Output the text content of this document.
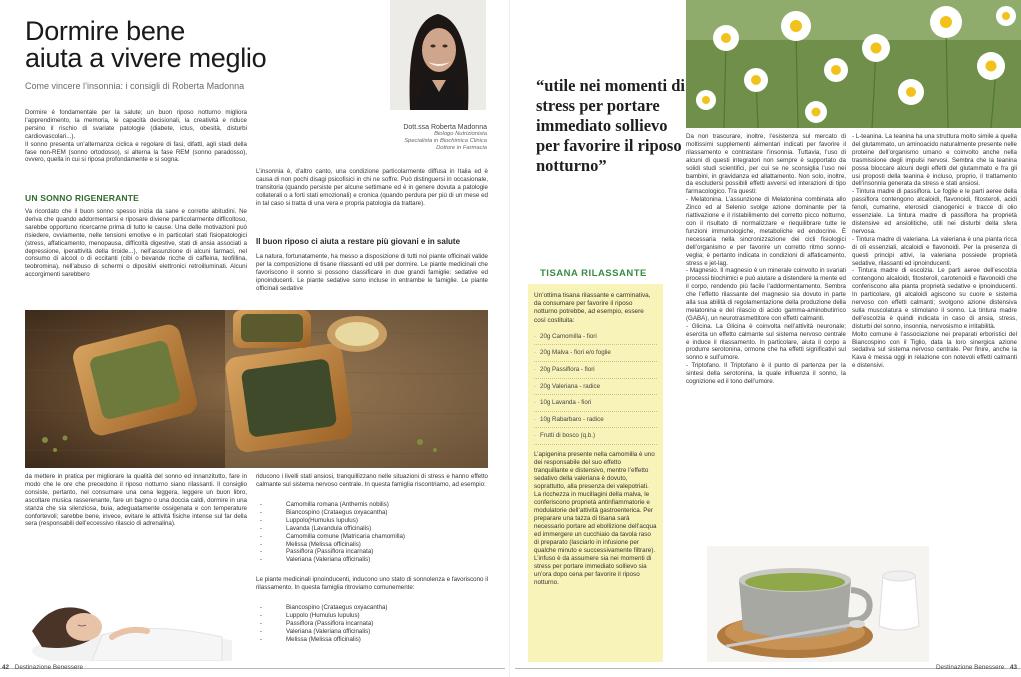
Dormire bene
aiuta a vivere meglio
Come vincere l’insonnia: i consigli di Roberta Madonna
Dott.ssa Roberta Madonna
Biologo Nutrizionista
Specialista in Biochimica Clinica
Dottore in Farmacia

Dormire è fondamentale per la salute; un buon riposo notturno migliora l’apprendimento, la memoria, le capacità decisionali, la creatività e riduce persino il rischio di svariate patologie (diabete, ictus, obesità, disturbi cardiovascolari...).

Il sonno presenta un’alternanza ciclica e regolare di fasi, difatti, agli stadi della fase non-REM (sonno ortodosso), si alterna la fase REM (sonno paradosso), ovvero, quella in cui si riposa profondamente e si sogna.

UN SONNO RIGENERANTE
Va ricordato che il buon sonno spesso inizia da sane e corrette abitudini. Ne deriva che quando addormentarsi e riposare diviene particolarmente difficoltoso, sarebbe opportuno ricercarne prima di tutto le cause. Una delle motivazioni può risiedere, ovviamente, nelle tensioni emotive e in particolari stati fisiopatologici (stress, affaticamento, menopausa, difficoltà digestive, stati di ansia associati a depressione, iperattività della tiroide...), nell’assunzione di alcuni farmaci, nel consumo di alcool o di eccitanti (cibi o bevande ricche di caffeina, teofillina, teobromina), nell’abuso di schermi o dipositivi elettronici retroilluminati. Alcuni accorgimenti sarebbero
L’insonnia è, d’altro canto, una condizione particolarmente diffusa in Italia ed è causa di non pochi disagi psicofisici in chi ne soffre. Può distinguersi in occasionale, transitoria (quando persiste per alcune settimane ed è in genere dovuta a patologie collaterali o a forti stati emozionali) e cronica (quando perdura per più di un mese ed in tal caso si tratta di una vera e propria patologia da trattare).
Il buon riposo ci aiuta a restare più giovani e in salute
La natura, fortunatamente, ha messo a disposizione di tutti noi piante officinali valide per la composizione di tisane rilassanti ed utili per dormire. Le piante medicinali che favoriscono il sonno si possono classificare in due grandi famiglie: sedative ed ipnoinducenti. Le piante sedative sono incluse in entrambe le famiglie. Le piante officinali sedative
da mettere in pratica per migliorare la qualità del sonno ed innanzitutto, fare in modo che le ore che precedono il riposo notturno siano rilassanti. Il consiglio consiste, pertanto, nel consumare una cena leggera, leggere un buon libro, ascoltare musica rasserenante, fare un bagno o una doccia caldi, dormire in una stanza che sia silenziosa, buia, adeguatamente ossigenata e con temperature confortevoli; sarebbe bene, invece, evitare le attività fisiche intense sul far della sera (responsabili dell’eccessivo rilascio di adrenalina).
riducono i livelli stati ansiosi, tranquillizzano nelle situazioni di stress e hanno effetto calmante sul sistema nervoso centrale. In questa famiglia riscontriamo, ad esempio:
- Camomilla romana (Anthemis nobilis)
- Biancospino (Crataegus oxyacantha)
- Luppolo(Humulus lupulus)
- Lavanda (Lavandula officinalis)
- Camomilla comune (Matricaria chamomilla)
- Melissa (Melissa officinalis)
- Passiflora (Passiflora incarnata)
- Valeriana (Valeriana officinalis)
Le piante medicinali ipnoinducenti, inducono uno stato di sonnolenza e favoriscono il rilassamento. In questa famiglia ritroviamo comunemente:
- Biancospino (Crataegus oxyacantha)
- Luppolo (Humulus lupulus)
- Passiflora (Passiflora incarnata)
- Valeriana (Valeriana officinalis)
- Melissa (Melissa officinalis)
42 Destinazione Benessere
“utile nei momenti di stress per portare immediato sollievo per favorire il riposo notturno”
TISANA RILASSANTE
Un’ottima tisana rilassante e carminativa, da consumare per favorire il riposo notturno potrebbe, ad esempio, essere così costituita:
· 20g Camomilla - fiori
· 20g Malva - fiori e/o foglie
· 20g Passiflora - fiori
· 20g Valeriana - radice
· 10g Lavanda - fiori
· 10g Rabarbaro - radice
· Frutti di bosco (q.b.)
L’apigenina presente nella camomilla è uno dei responsabile del suo effetto tranquillante e distensivo, mentre l’effetto sedativo della valeriana è dovuto, soprattutto, alla presenza dei valepotriati. La ricchezza in mucillagini della malva, le conferiscono proprietà antinfiammatorie e modulatorie dell’attività gastroenterica. Per preparare una tazza di tisana sarà necessario portare ad ebollizione dell’acqua ed immergere un cucchiaio da tavola raso di preparato (lasciarlo in infusione per qualche minuto e successivamente filtrare). L’infuso è da assumere sia nei momenti di stress per portare immediato sollievo sia un’ora dopo cena per favorire il riposo notturno.

Da non trascurare, inoltre, l’esistenza sul mercato di moltissimi supplementi alimentari indicati per favorire il rilassamento e contrastare l’insonnia. Tuttavia, l’uso di alcuni di questi integratori non sempre è supportato da solidi studi scientifici, per cui se ne sconsiglia l’uso nei bambini, in gravidanza ed allattamento. Non solo, inoltre, da escludersi possibili effetti avversi ed interazioni di tipo farmacologico. Tra questi:

- Melatonina. L’assunzione di Melatonina combinata allo Zinco ed al Selenio svolge azione dominante per la riattivazione e il ristabilimento del corretto picco notturno, con il risultato di normalizzare e riequilibrare tutte le funzioni immunologiche, metaboliche ed endocrine. È necessaria nella sincronizzazione dei cicli fisiologici dell’organismo e per favorire un corretto ritmo sonno-veglia; è pertanto indicata in condizioni di affaticamento, stress e jet-lag.

- Magnesio. Il magnesio è un minerale coinvolto in svariati processi biochimici e può aiutare a distendere la mente ed il corpo, rendendo più facile l’addormentamento. Sembra che l’effetto rilassante del magnesio sia dovuto in parte alla sua abilità di regolamentazione della produzione della melatonina e del rilascio di acido gamma-aminobutirrico (GABA), un neurotrasmettitore con effetti calmanti.

- Glicina. La Glicina è coinvolta nell’attività neuronale; esercita un effetto calmante sul sistema nervoso centrale e induce il rilassamento. In particolare, aiuta il corpo a produrre serotonina, ormone che ha effetti significativi sul sonno e sull’umore.

- Triptofano. Il Triptofano è il punto di partenza per la sintesi della serotonina, la quale influenza il sonno, la cognizione ed il tono dell’umore.

- L-teanina. La teanina ha una struttura molto simile a quella del glutammato, un aminoacido naturalmente presente nelle proteine dell’organismo umano e coinvolto anche nella trasmissione degli impulsi nervosi. Sembra che la teanina possa bloccare alcuni degli effetti del glutammato e fra gli usi proposti della teanina è incluso, proprio, il trattamento dell’insonnia generata da stress e stati ansiosi.

- Tintura madre di passiflora. Le foglie e le parti aeree della passiflora contengono alcaloidi, flavonoidi, fitosteroli, acidi fenoli, cumarine, eterosidi cianogenici e tracce di olio essenziale. La tintura madre di passiflora ha proprietà distensive ed ansiolitiche, utili nei disturbi della sfera nervosa.

- Tintura madre di valeriana. La valeriana è una pianta ricca di oli essenziali, alcaloidi e flavonoidi. Per la presenza di questi principi attivi, la valeriana possiede proprietà sedative, rilassanti ed ipnoinducenti.

- Tintura madre di escolzia. Le parti aeree dell’escolzia contengono alcaloidi, fitosteroli, carotenoidi e flavonoidi che conferiscono alla pianta proprietà sedative e ipnoinducenti. In particolare, gli alcaloidi agiscono su cuore e sistema nervoso con effetti calmanti; svolgono azione distensiva sulla muscolatura e stimolano il sonno. La tintura madre dell’escolzia è quindi indicata in caso di ansia, stress, disturbi del sonno, insonnia, nervosismo e irritabilità.

Molto comune è l’associazione nei preparati erboristici del Biancospino con il Tiglio, data la loro sinergica azione sedativa sul sistema nervoso centrale. Per finire, anche la Kava è messa oggi in relazione con notevoli effetti calmanti e distensivi.

Destinazione Benessere 43
